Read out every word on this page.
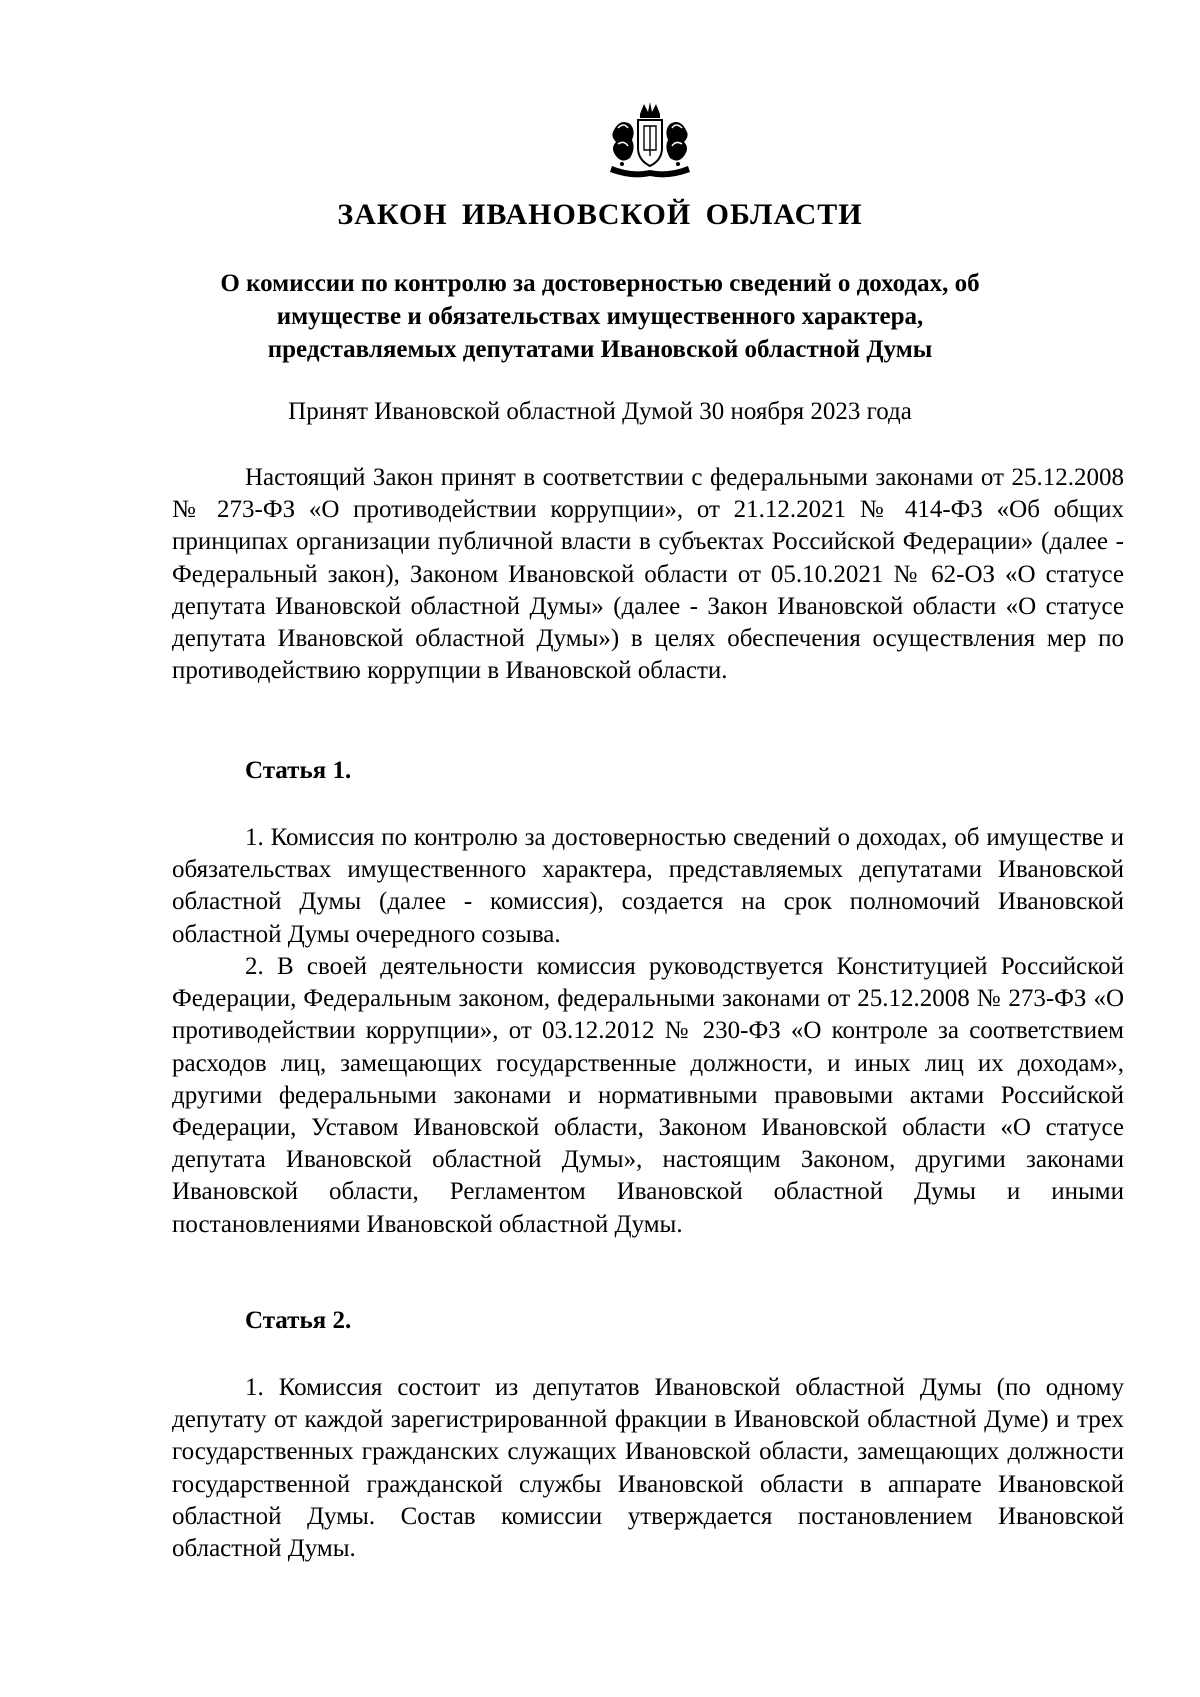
ЗАКОН ИВАНОВСКОЙ ОБЛАСТИ
О комиссии по контролю за достоверностью сведений о доходах, об имуществе и обязательствах имущественного характера, представляемых депутатами Ивановской областной Думы
Принят Ивановской областной Думой 30 ноября 2023 года

Настоящий Закон принят в соответствии с федеральными законами от 25.12.2008 № 273-ФЗ «О противодействии коррупции», от 21.12.2021 № 414-ФЗ «Об общих принципах организации публичной власти в субъектах Российской Федерации» (далее - Федеральный закон), Законом Ивановской области от 05.10.2021 № 62-ОЗ «О статусе депутата Ивановской областной Думы» (далее - Закон Ивановской области «О статусе депутата Ивановской областной Думы») в целях обеспечения осуществления мер по противодействию коррупции в Ивановской области.

Статья 1.

1. Комиссия по контролю за достоверностью сведений о доходах, об имуществе и обязательствах имущественного характера, представляемых депутатами Ивановской областной Думы (далее - комиссия), создается на срок полномочий Ивановской областной Думы очередного созыва.

2. В своей деятельности комиссия руководствуется Конституцией Российской Федерации, Федеральным законом, федеральными законами от 25.12.2008 № 273-ФЗ «О противодействии коррупции», от 03.12.2012 № 230-ФЗ «О контроле за соответствием расходов лиц, замещающих государственные должности, и иных лиц их доходам», другими федеральными законами и нормативными правовыми актами Российской Федерации, Уставом Ивановской области, Законом Ивановской области «О статусе депутата Ивановской областной Думы», настоящим Законом, другими законами Ивановской области, Регламентом Ивановской областной Думы и иными постановлениями Ивановской областной Думы.

Статья 2.

1. Комиссия состоит из депутатов Ивановской областной Думы (по одному депутату от каждой зарегистрированной фракции в Ивановской областной Думе) и трех государственных гражданских служащих Ивановской области, замещающих должности государственной гражданской службы Ивановской области в аппарате Ивановской областной Думы. Состав комиссии утверждается постановлением Ивановской областной Думы.
